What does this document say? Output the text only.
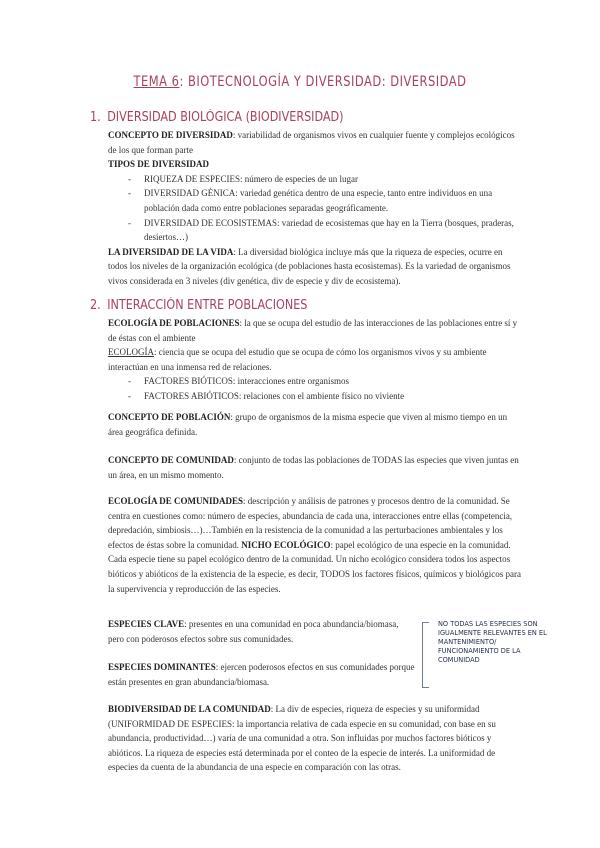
TEMA 6: BIOTECNOLOGÍA Y DIVERSIDAD: DIVERSIDAD
1. DIVERSIDAD BIOLÓGICA (BIODIVERSIDAD)
CONCEPTO DE DIVERSIDAD: variabilidad de organismos vivos en cualquier fuente y complejos ecológicos de los que forman parte
TIPOS DE DIVERSIDAD
- RIQUEZA DE ESPECIES: número de especies de un lugar
- DIVERSIDAD GÉNICA: variedad genética dentro de una especie, tanto entre individuos en una población dada como entre poblaciones separadas geográficamente.
- DIVERSIDAD DE ECOSISTEMAS: variedad de ecosistemas que hay en la Tierra (bosques, praderas, desiertos…)
LA DIVERSIDAD DE LA VIDA: La diversidad biológica incluye más que la riqueza de especies, ocurre en todos los niveles de la organización ecológica (de poblaciones hasta ecosistemas). Es la variedad de organismos vivos considerada en 3 niveles (div genética, div de especie y div de ecosistema).
2. INTERACCIÓN ENTRE POBLACIONES
ECOLOGÍA DE POBLACIONES: la que se ocupa del estudio de las interacciones de las poblaciones entre sí y de éstas con el ambiente
ECOLOGÍA: ciencia que se ocupa del estudio que se ocupa de cómo los organismos vivos y su ambiente interactúan en una inmensa red de relaciones.
- FACTORES BIÓTICOS: interacciones entre organismos
- FACTORES ABIÓTICOS: relaciones con el ambiente físico no viviente
CONCEPTO DE POBLACIÓN: grupo de organismos de la misma especie que viven al mismo tiempo en un área geográfica definida.
CONCEPTO DE COMUNIDAD: conjunto de todas las poblaciones de TODAS las especies que viven juntas en un área, en un mismo momento.
ECOLOGÍA DE COMUNIDADES: descripción y análisis de patrones y procesos dentro de la comunidad. Se centra en cuestiones como: número de especies, abundancia de cada una, interacciones entre ellas (competencia, depredación, simbiosis…)…También en la resistencia de la comunidad a las perturbaciones ambientales y los efectos de éstas sobre la comunidad. NICHO ECOLÓGICO: papel ecológico de una especie en la comunidad. Cada especie tiene su papel ecológico dentro de la comunidad. Un nicho ecológico considera todos los aspectos bióticos y abióticos de la existencia de la especie, es decir, TODOS los factores físicos, químicos y biológicos para la supervivencia y reproducción de las especies.
ESPECIES CLAVE: presentes en una comunidad en poca abundancia/biomasa, pero con poderosos efectos sobre sus comunidades.
ESPECIES DOMINANTES: ejercen poderosos efectos en sus comunidades porque están presentes en gran abundancia/biomasa.
NO TODAS LAS ESPECIES SON IGUALMENTE RELEVANTES EN EL MANTENIMIENTO/ FUNCIONAMIENTO DE LA COMUNIDAD
BIODIVERSIDAD DE LA COMUNIDAD: La div de especies, riqueza de especies y su uniformidad (UNIFORMIDAD DE ESPECIES: la importancia relativa de cada especie en su comunidad, con base en su abundancia, productividad…) varía de una comunidad a otra. Son influidas por muchos factores bióticos y abióticos. La riqueza de especies está determinada por el conteo de la especie de interés. La uniformidad de especies da cuenta de la abundancia de una especie en comparación con las otras.
